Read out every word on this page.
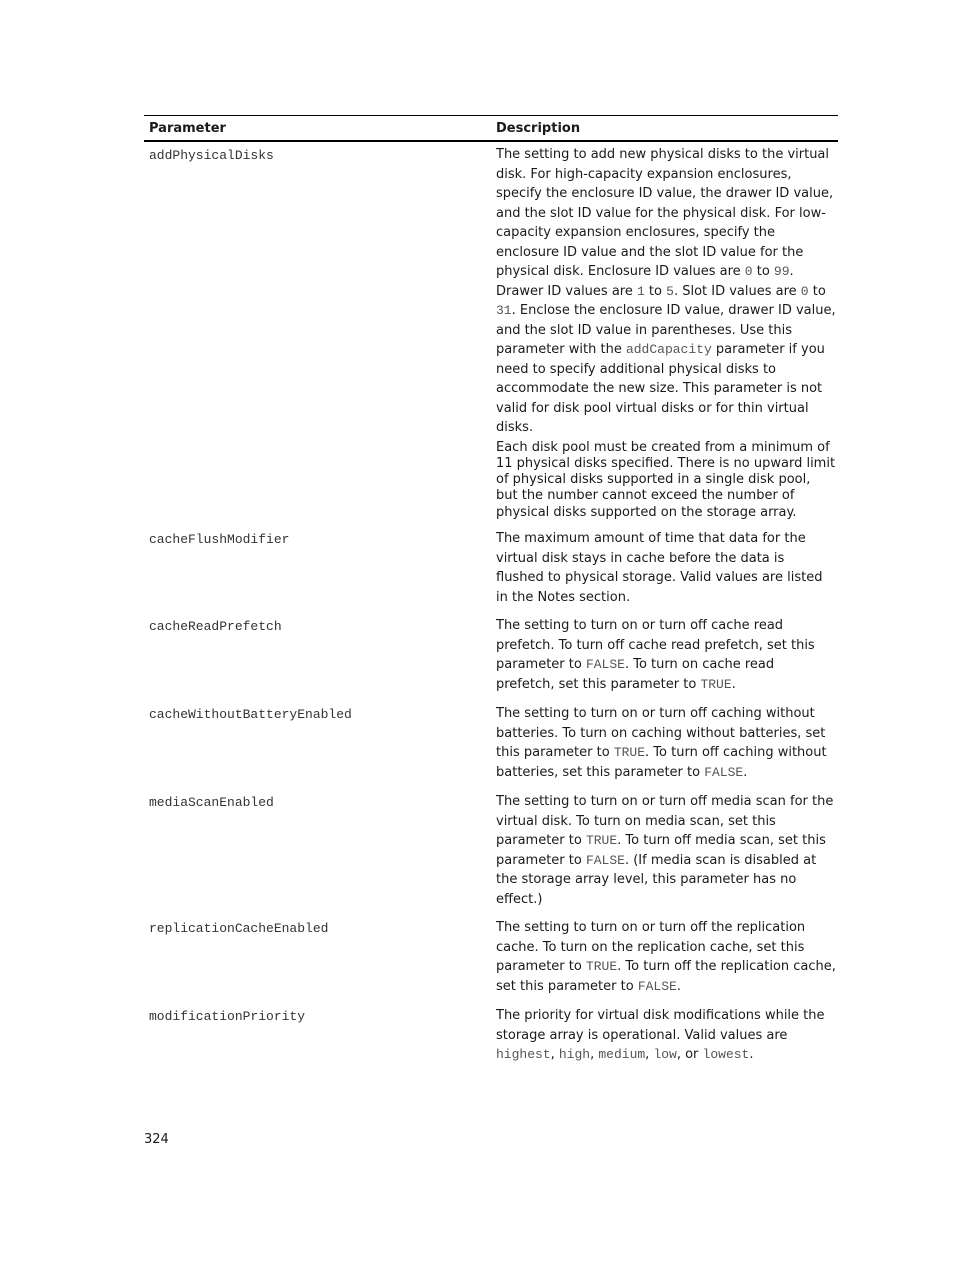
Parameter	Description
addPhysicalDisks	The setting to add new physical disks to the virtual disk. For high-capacity expansion enclosures, specify the enclosure ID value, the drawer ID value, and the slot ID value for the physical disk. For low-capacity expansion enclosures, specify the enclosure ID value and the slot ID value for the physical disk. Enclosure ID values are 0 to 99. Drawer ID values are 1 to 5. Slot ID values are 0 to 31. Enclose the enclosure ID value, drawer ID value, and the slot ID value in parentheses. Use this parameter with the addCapacity parameter if you need to specify additional physical disks to accommodate the new size. This parameter is not valid for disk pool virtual disks or for thin virtual disks.

Each disk pool must be created from a minimum of 11 physical disks specified. There is no upward limit of physical disks supported in a single disk pool, but the number cannot exceed the number of physical disks supported on the storage array.

cacheFlushModifier	The maximum amount of time that data for the virtual disk stays in cache before the data is flushed to physical storage. Valid values are listed in the Notes section.

cacheReadPrefetch	The setting to turn on or turn off cache read prefetch. To turn off cache read prefetch, set this parameter to FALSE. To turn on cache read prefetch, set this parameter to TRUE.

cacheWithoutBatteryEnabled	The setting to turn on or turn off caching without batteries. To turn on caching without batteries, set this parameter to TRUE. To turn off caching without batteries, set this parameter to FALSE.

mediaScanEnabled	The setting to turn on or turn off media scan for the virtual disk. To turn on media scan, set this parameter to TRUE. To turn off media scan, set this parameter to FALSE. (If media scan is disabled at the storage array level, this parameter has no effect.)

replicationCacheEnabled	The setting to turn on or turn off the replication cache. To turn on the replication cache, set this parameter to TRUE. To turn off the replication cache, set this parameter to FALSE.

modificationPriority	The priority for virtual disk modifications while the storage array is operational. Valid values are highest, high, medium, low, or lowest.

324
